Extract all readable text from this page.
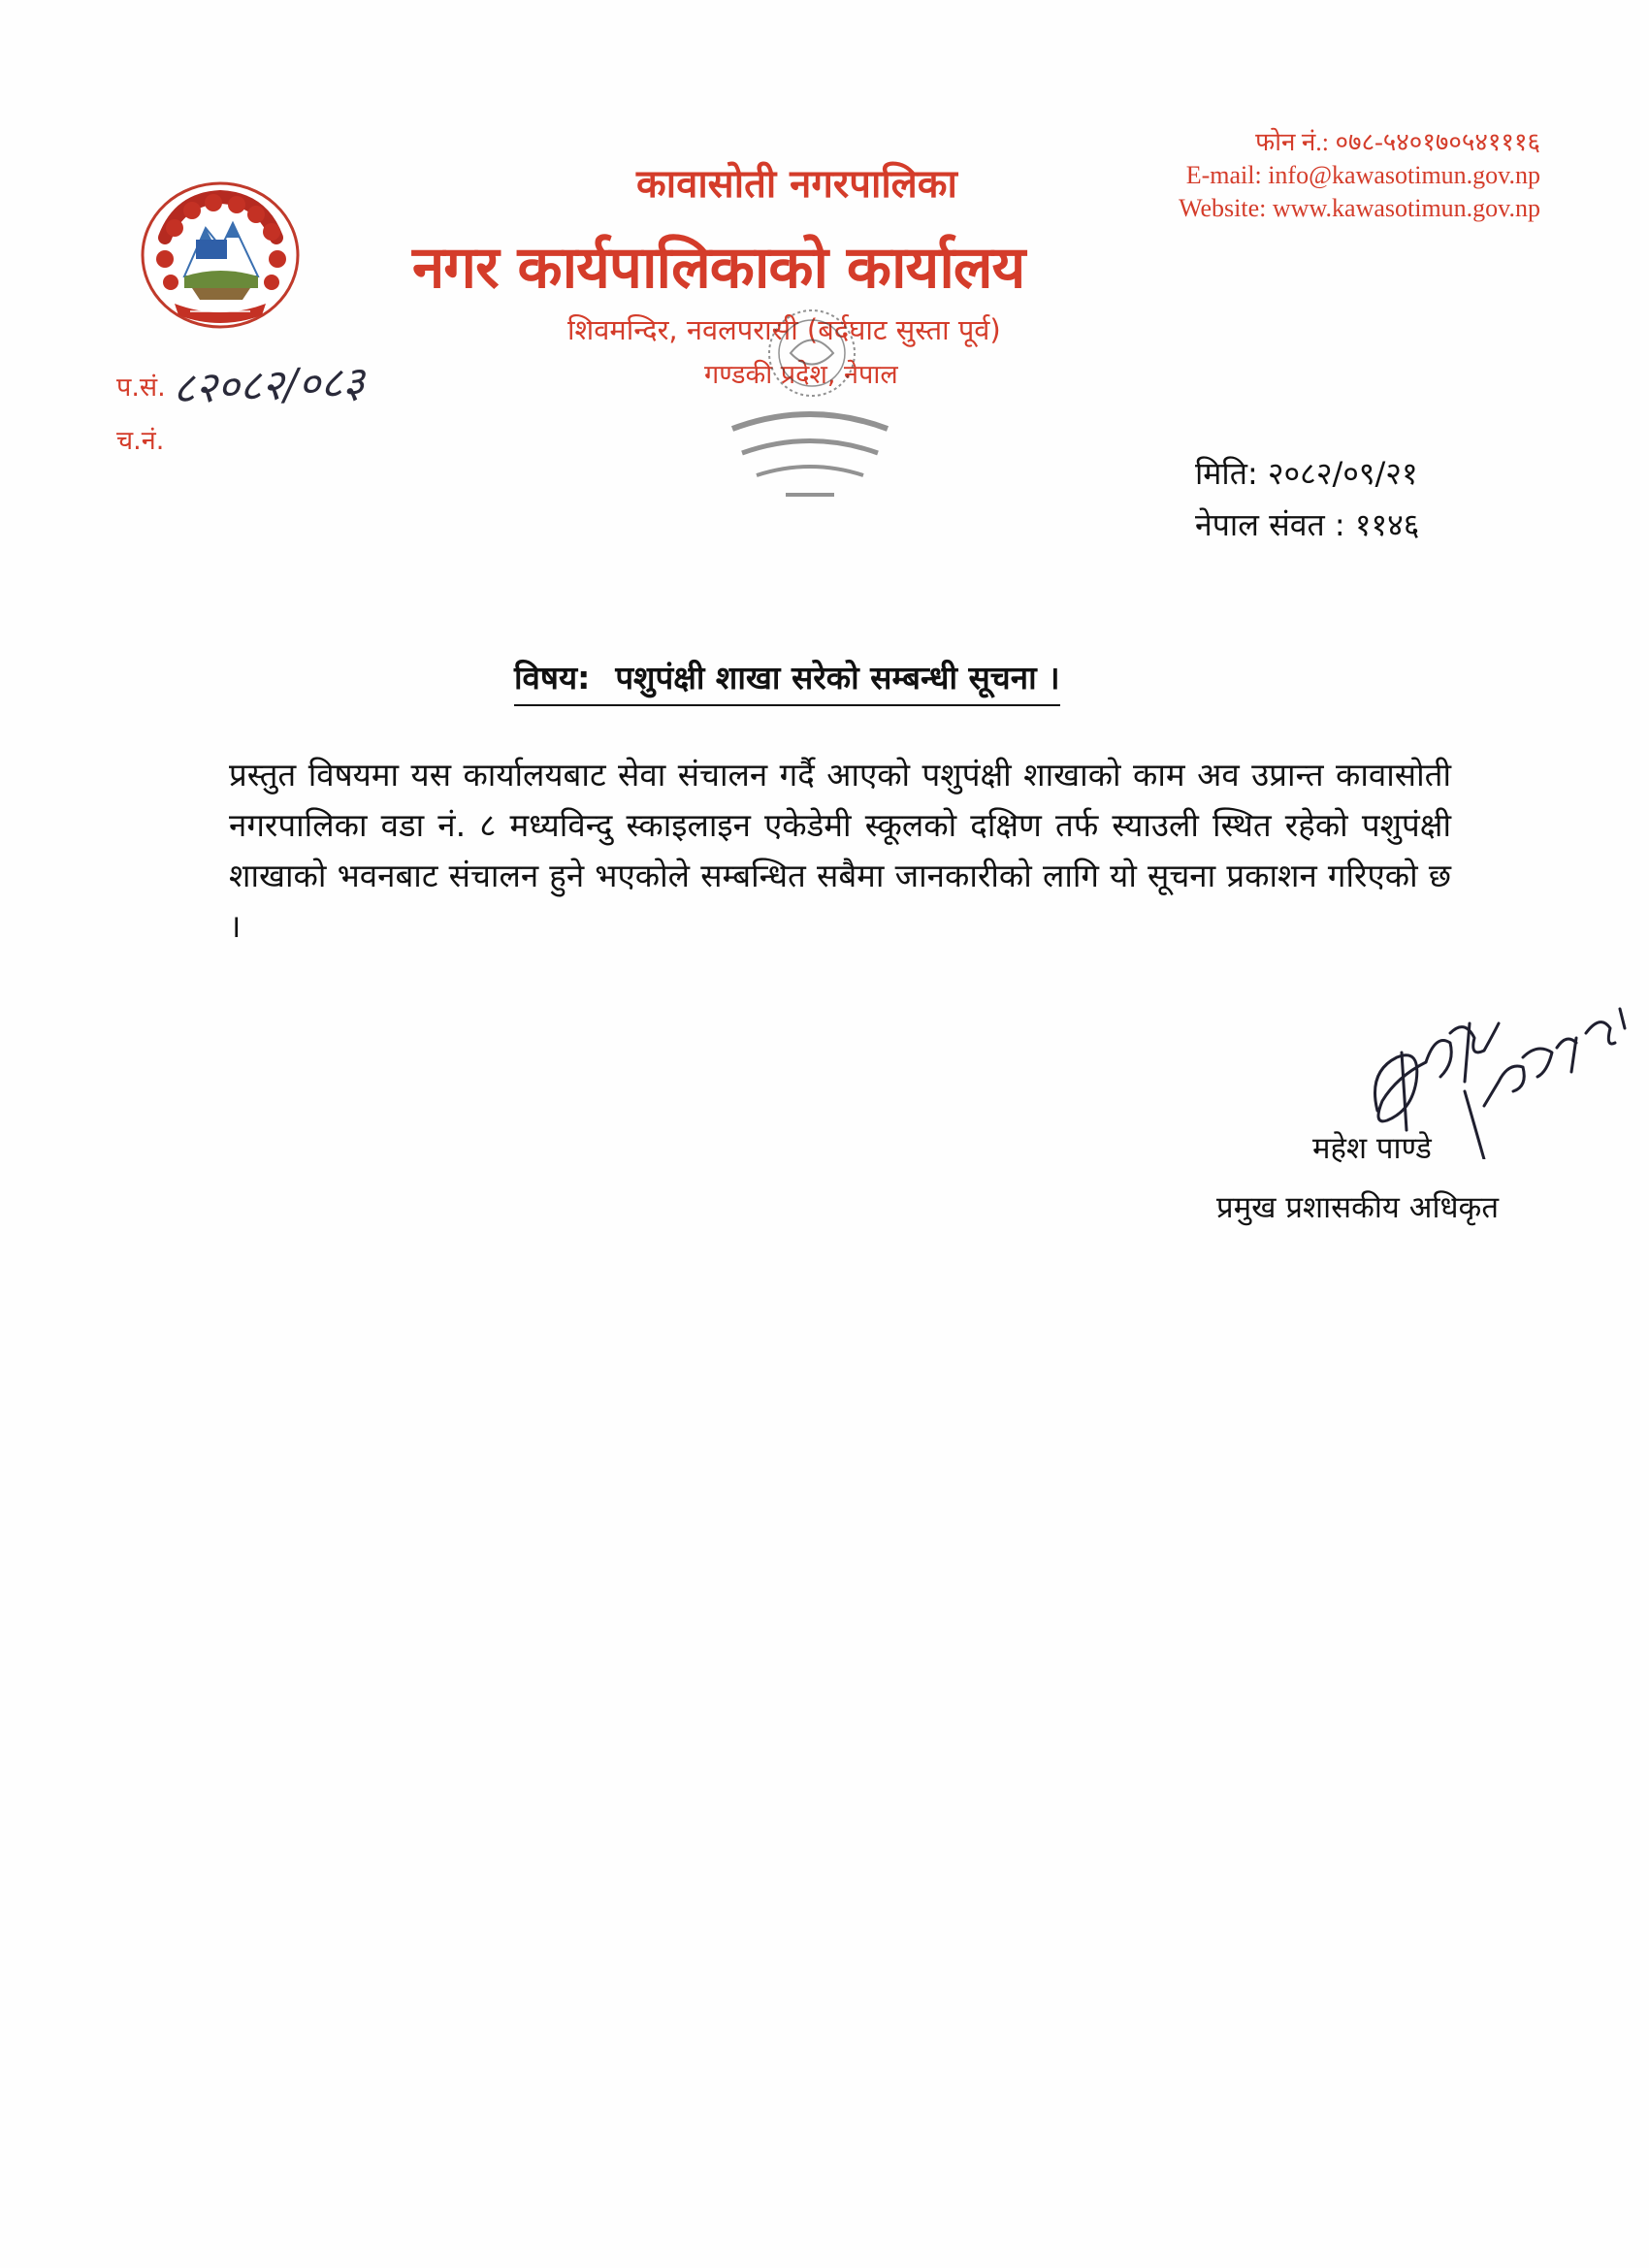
कावासोती नगरपालिका
नगर कार्यपालिकाको कार्यालय
शिवमन्दिर, नवलपरासी (बर्दघाट सुस्ता पूर्व)
गण्डकी प्रदेश, नेपाल
फोन नं.: ०७८-५४०१७०५४१११६
E-mail: info@kawasotimun.gov.np
Website: www.kawasotimun.gov.np
प.सं.
च.नं.
८२०८२/०८३
मिति: २०८२/०९/२१
नेपाल संवत : ११४६
विषय: पशुपंक्षी शाखा सरेको सम्बन्धी सूचना ।
प्रस्तुत विषयमा यस कार्यालयबाट सेवा संचालन गर्दै आएको पशुपंक्षी शाखाको काम अव उप्रान्त कावासोती नगरपालिका वडा नं. ८ मध्यविन्दु स्काइलाइन एकेडेमी स्कूलको दक्षिण तर्फ स्याउली स्थित रहेको पशुपंक्षी शाखाको भवनबाट संचालन हुने भएकोले सम्बन्धित सबैमा जानकारीको लागि यो सूचना प्रकाशन गरिएको छ ।
महेश पाण्डे
प्रमुख प्रशासकीय अधिकृत
